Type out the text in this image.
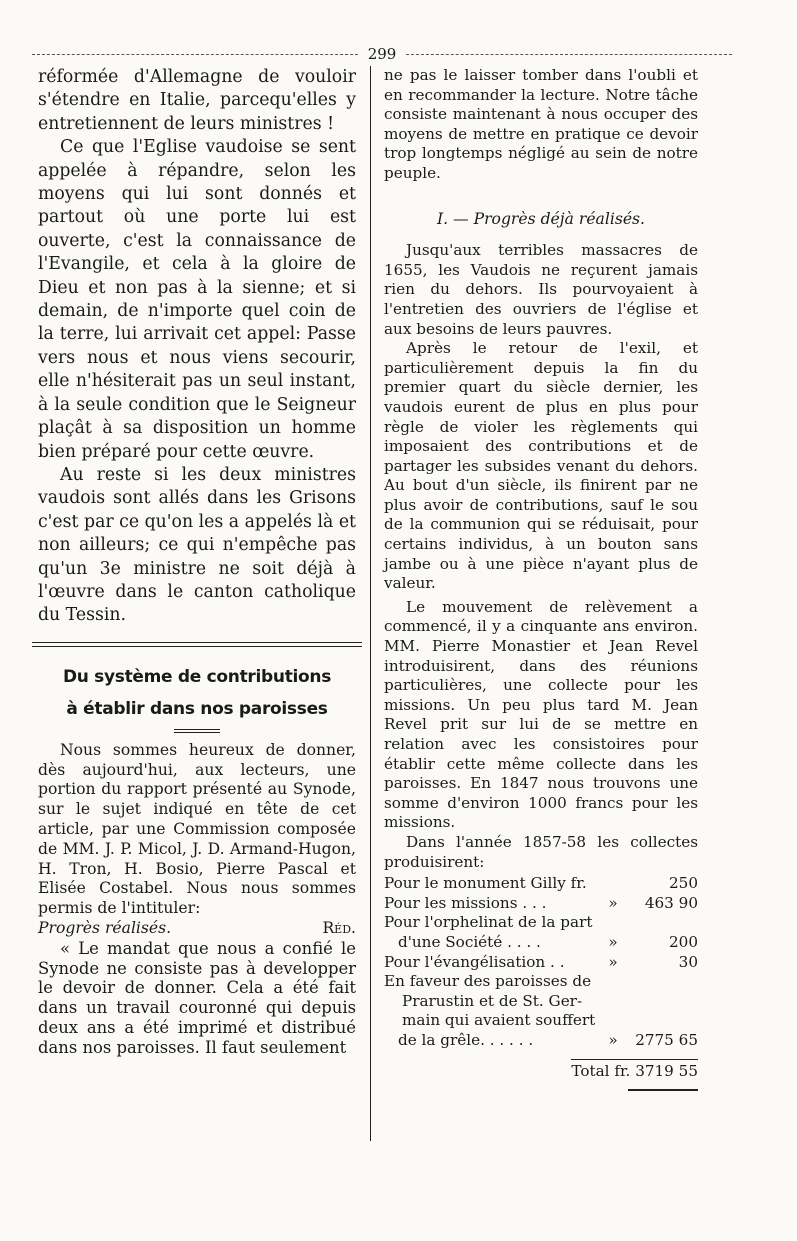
299

réformée d'Allemagne de vouloir s'étendre en Italie, parcequ'elles y entretiennent de leurs ministres !

Ce que l'Eglise vaudoise se sent appelée à répandre, selon les moyens qui lui sont donnés et partout où une porte lui est ouverte, c'est la connaissance de l'Evangile, et cela à la gloire de Dieu et non pas à la sienne; et si demain, de n'importe quel coin de la terre, lui arrivait cet appel: Passe vers nous et nous viens secourir, elle n'hésiterait pas un seul instant, à la seule condition que le Seigneur plaçât à sa disposition un homme bien préparé pour cette œuvre.

Au reste si les deux ministres vaudois sont allés dans les Grisons c'est par ce qu'on les a appelés là et non ailleurs; ce qui n'empêche pas qu'un 3e ministre ne soit déjà à l'œuvre dans le canton catholique du Tessin.

Du système de contributions
à établir dans nos paroisses

Nous sommes heureux de donner, dès aujourd'hui, aux lecteurs, une portion du rapport présenté au Synode, sur le sujet indiqué en tête de cet article, par une Commission composée de MM. J. P. Micol, J. D. Armand-Hugon, H. Tron, H. Bosio, Pierre Pascal et Elisée Costabel. Nous nous sommes permis de l'intituler:

Progrès réalisés.	Réd.

« Le mandat que nous a confié le Synode ne consiste pas à developper le devoir de donner. Cela a été fait dans un travail couronné qui depuis deux ans a été imprimé et distribué dans nos paroisses. Il faut seulement

ne pas le laisser tomber dans l'oubli et en recommander la lecture. Notre tâche consiste maintenant à nous occuper des moyens de mettre en pratique ce devoir trop longtemps négligé au sein de notre peuple.

I. — Progrès déjà réalisés.

Jusqu'aux terribles massacres de 1655, les Vaudois ne reçurent jamais rien du dehors. Ils pourvoyaient à l'entretien des ouvriers de l'église et aux besoins de leurs pauvres.

Après le retour de l'exil, et particulièrement depuis la fin du premier quart du siècle dernier, les vaudois eurent de plus en plus pour règle de violer les règlements qui imposaient des contributions et de partager les subsides venant du dehors. Au bout d'un siècle, ils finirent par ne plus avoir de contributions, sauf le sou de la communion qui se réduisait, pour certains individus, à un bouton sans jambe ou à une pièce n'ayant plus de valeur.

Le mouvement de relèvement a commencé, il y a cinquante ans environ. MM. Pierre Monastier et Jean Revel introduisirent, dans des réunions particulières, une collecte pour les missions. Un peu plus tard M. Jean Revel prit sur lui de se mettre en relation avec les consistoires pour établir cette même collecte dans les paroisses. En 1847 nous trouvons une somme d'environ 1000 francs pour les missions.

Dans l'année 1857-58 les collectes produisirent:

Pour le monument Gilly fr.	250
Pour les missions . . .	»	463 90
Pour l'orphelinat de la part
d'une Société . . . .	»	200
Pour l'évangélisation . .	»	30
En faveur des paroisses de
Prarustin et de St. Ger-
main qui avaient souffert
de la grêle. . . . . .	»	2775 65
Total fr. 3719 55
